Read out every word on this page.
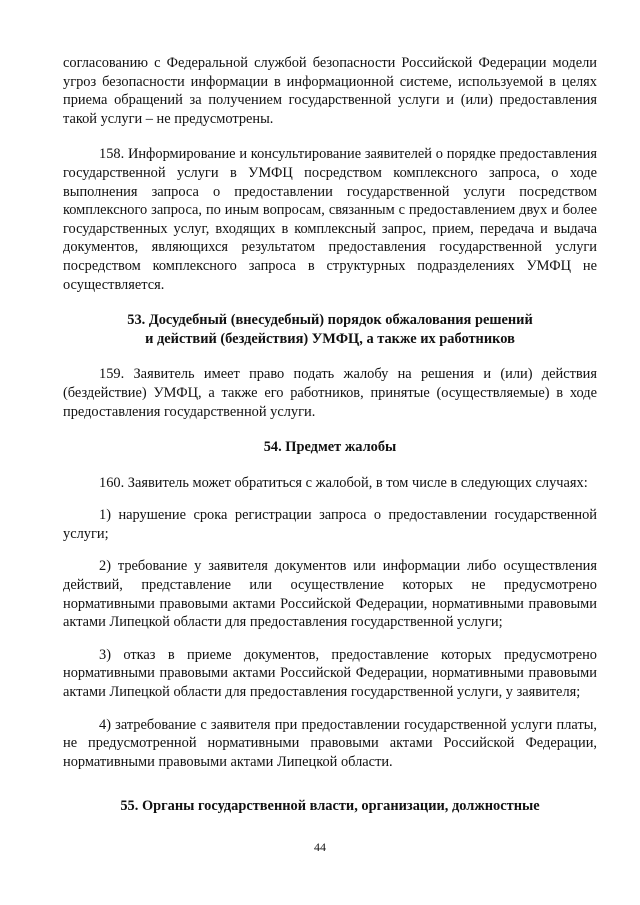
согласованию с Федеральной службой безопасности Российской Федерации модели угроз безопасности информации в информационной системе, используемой в целях приема обращений за получением государственной услуги и (или) предоставления такой услуги – не предусмотрены.

158. Информирование и консультирование заявителей о порядке предоставления государственной услуги в УМФЦ посредством комплексного запроса, о ходе выполнения запроса о предоставлении государственной услуги посредством комплексного запроса, по иным вопросам, связанным с предоставлением двух и более государственных услуг, входящих в комплексный запрос, прием, передача и выдача документов, являющихся результатом предоставления государственной услуги посредством комплексного запроса в структурных подразделениях УМФЦ не осуществляется.

53. Досудебный (внесудебный) порядок обжалования решений

и действий (бездействия) УМФЦ, а также их работников

159. Заявитель имеет право подать жалобу на решения и (или) действия (бездействие) УМФЦ, а также его работников, принятые (осуществляемые) в ходе предоставления государственной услуги.

54. Предмет жалобы

160. Заявитель может обратиться с жалобой, в том числе в следующих случаях:

1) нарушение срока регистрации запроса о предоставлении государственной услуги;

2) требование у заявителя документов или информации либо осуществления действий, представление или осуществление которых не предусмотрено нормативными правовыми актами Российской Федерации, нормативными правовыми актами Липецкой области для предоставления государственной услуги;

3) отказ в приеме документов, предоставление которых предусмотрено нормативными правовыми актами Российской Федерации, нормативными правовыми актами Липецкой области для предоставления государственной услуги, у заявителя;

4) затребование с заявителя при предоставлении государственной услуги платы, не предусмотренной нормативными правовыми актами Российской Федерации, нормативными правовыми актами Липецкой области.

55. Органы государственной власти, организации, должностные

44
